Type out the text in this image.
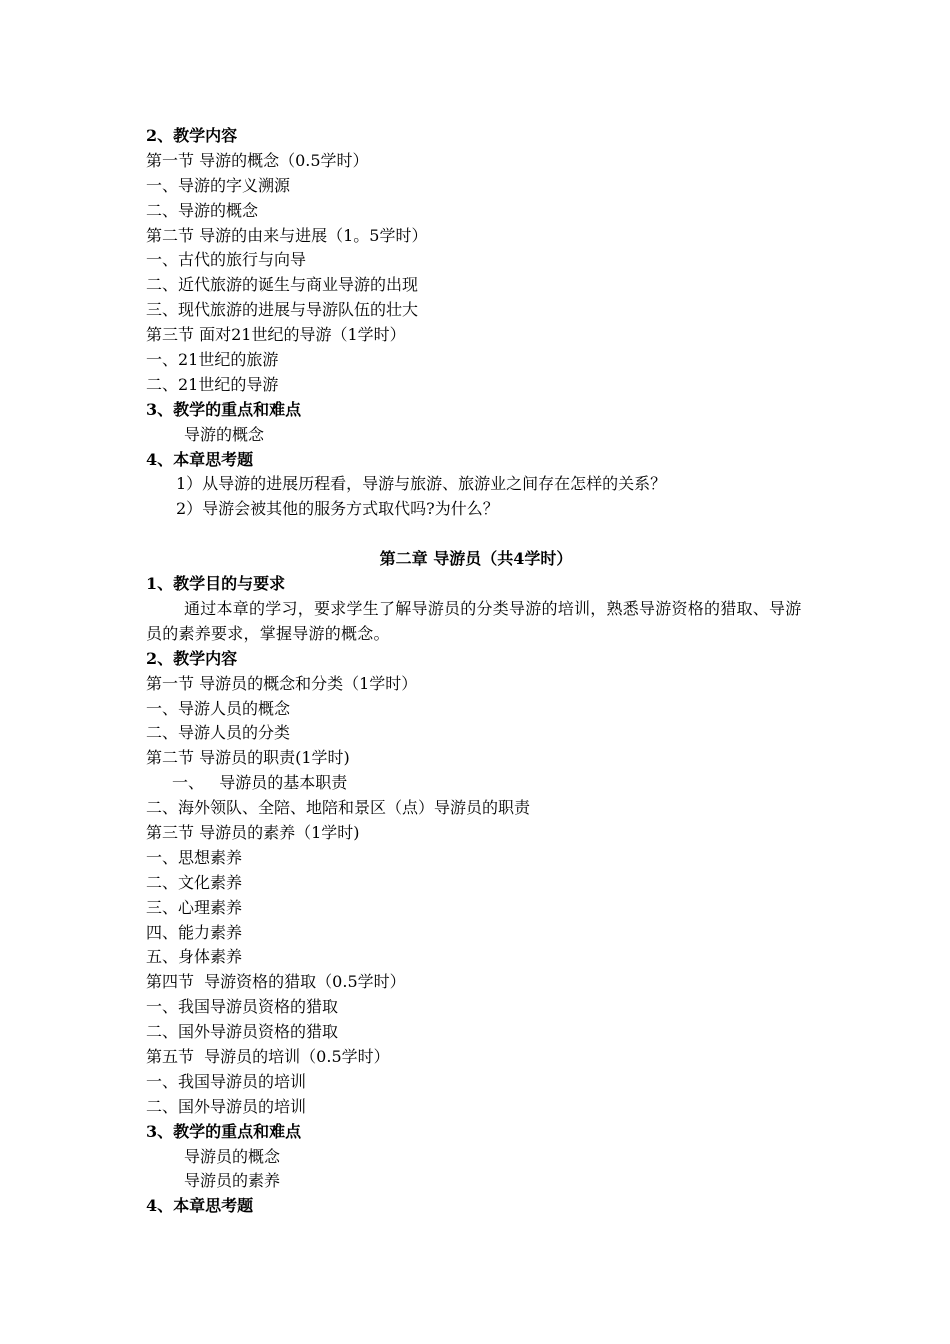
2、教学内容
第一节 导游的概念（0.5学时）
一、导游的字义溯源
二、导游的概念
第二节 导游的由来与进展（1。5学时）
一、古代的旅行与向导
二、近代旅游的诞生与商业导游的出现
三、现代旅游的进展与导游队伍的壮大
第三节 面对21世纪的导游（1学时）
一、21世纪的旅游
二、21世纪的导游
3、教学的重点和难点
导游的概念
4、本章思考题
1）从导游的进展历程看，导游与旅游、旅游业之间存在怎样的关系？
2）导游会被其他的服务方式取代吗?为什么？
第二章 导游员（共4学时）
1、教学目的与要求
通过本章的学习，要求学生了解导游员的分类导游的培训，熟悉导游资格的猎取、导游员的素养要求，掌握导游的概念。
2、教学内容
第一节 导游员的概念和分类（1学时）
一、导游人员的概念
二、导游人员的分类
第二节 导游员的职责(1学时)
一、   导游员的基本职责
二、海外领队、全陪、地陪和景区（点）导游员的职责
第三节 导游员的素养（1学时)
一、思想素养
二、文化素养
三、心理素养
四、能力素养
五、身体素养
第四节  导游资格的猎取（0.5学时）
一、我国导游员资格的猎取
二、国外导游员资格的猎取
第五节  导游员的培训（0.5学时）
一、我国导游员的培训
二、国外导游员的培训
3、教学的重点和难点
导游员的概念
导游员的素养
4、本章思考题
